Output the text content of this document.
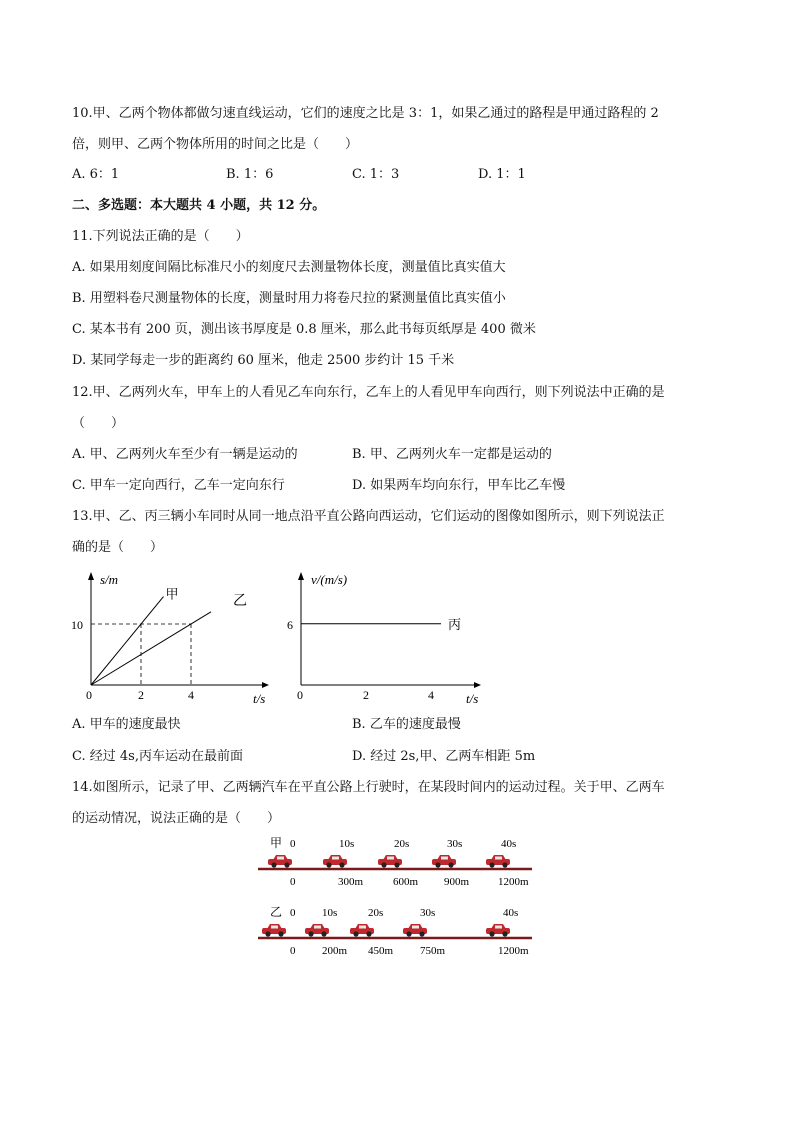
10.甲、乙两个物体都做匀速直线运动，它们的速度之比是 3：1，如果乙通过的路程是甲通过路程的 2
倍，则甲、乙两个物体所用的时间之比是（　　）
A. 6：1	B. 1：6	C. 1：3	D. 1：1
二、多选题：本大题共 4 小题，共 12 分。
11.下列说法正确的是（　　）
A. 如果用刻度间隔比标准尺小的刻度尺去测量物体长度，测量值比真实值大
B. 用塑料卷尺测量物体的长度，测量时用力将卷尺拉的紧测量值比真实值小
C. 某本书有 200 页，测出该书厚度是 0.8 厘米，那么此书每页纸厚是 400 微米
D. 某同学每走一步的距离约 60 厘米，他走 2500 步约计 15 千米
12.甲、乙两列火车，甲车上的人看见乙车向东行，乙车上的人看见甲车向西行，则下列说法中正确的是
（　　）
A. 甲、乙两列火车至少有一辆是运动的	B. 甲、乙两列火车一定都是运动的
C. 甲车一定向西行，乙车一定向东行	D. 如果两车均向东行，甲车比乙车慢
13.甲、乙、丙三辆小车同时从同一地点沿平直公路向西运动，它们运动的图像如图所示，则下列说法正
确的是（　　）
s/m
t/s
0	2	4
10
甲	乙
v/(m/s)
t/s
0	2	4
6	丙
A. 甲车的速度最快	B. 乙车的速度最慢
C. 经过 4s,丙车运动在最前面	D. 经过 2s,甲、乙两车相距 5m
14.如图所示，记录了甲、乙两辆汽车在平直公路上行驶时，在某段时间内的运动过程。关于甲、乙两车
的运动情况，说法正确的是（　　）
甲 0	10s	20s	30s	40s
0	300m	600m 900m	1200m
乙 0 10s	20s	30s	40s
0 200m 450m 750m	1200m
